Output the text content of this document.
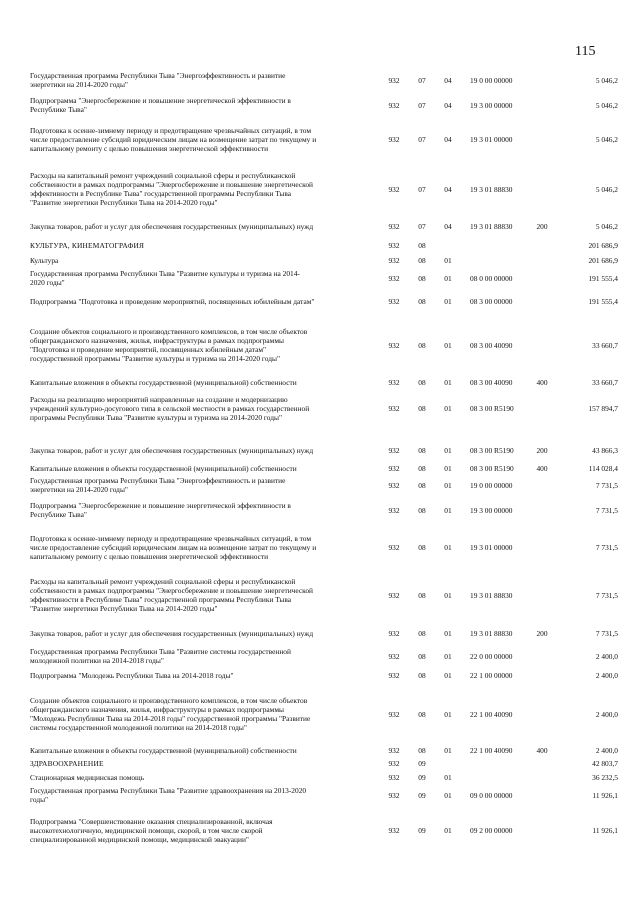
115
Государственная программа Республики Тыва "Энергоэффективность и развитие
энергетики на 2014-2020 годы"	932	07	04	19 0 00 00000	5 046,2
Подпрограмма "Энергосбережение и повышение энергетической эффективности в
Республике Тыва"	932	07	04	19 3 00 00000	5 046,2
Подготовка к осенне-зимнему периоду и предотвращение чрезвычайных ситуаций, в том
числе предоставление субсидий юридическим лицам на возмещение затрат по текущему и
капитальному ремонту с целью повышения энергетической эффективности
932	07	04	19 3 01 00000	5 046,2
Расходы на капитальный ремонт учреждений социальной сферы и республиканской
собственности в рамках подпрограммы "Энергосбережение и повышение энергетической
эффективности в Республике Тыва" государственной программы Республики Тыва
"Развитие энергетики Республики Тыва на 2014-2020 годы"
932	07	04	19 3 01 88830	5 046,2
Закупка товаров, работ и услуг для обеспечения государственных (муниципальных) нужд	932	07	04	19 3 01 88830	200	5 046,2
КУЛЬТУРА, КИНЕМАТОГРАФИЯ	932	08	201 686,9
Культура	932	08	01	201 686,9
Государственная программа Республики Тыва "Развитие культуры и туризма на 2014-
2020 годы"	932	08	01	08 0 00 00000	191 555,4
Подпрограмма "Подготовка и проведение мероприятий, посвященных юбилейным датам"	932	08	01	08 3 00 00000	191 555,4
Создание объектов социального и производственного комплексов, в том числе объектов
общегражданского назначения, жилья, инфраструктуры в рамках подпрограммы
"Подготовка и проведение мероприятий, посвященных юбилейным датам"
государственной программы "Развитие культуры и туризма на 2014-2020 годы"
932	08	01	08 3 00 40090	33 660,7
Капитальные вложения в объекты государственной (муниципальной) собственности	932	08	01	08 3 00 40090	400	33 660,7
Расходы на реализацию мероприятий направленные на создание и модернизацию
учреждений культурно-досугового типа в сельской местности в рамках государственной
программы Республики Тыва "Развитие культуры и туризма на 2014-2020 годы"
932	08	01	08 3 00 R5190	157 894,7
Закупка товаров, работ и услуг для обеспечения государственных (муниципальных) нужд	932	08	01	08 3 00 R5190	200	43 866,3
Капитальные вложения в объекты государственной (муниципальной) собственности	932	08	01	08 3 00 R5190	400	114 028,4
Государственная программа Республики Тыва "Энергоэффективность и развитие
энергетики на 2014-2020 годы"	932	08	01	19 0 00 00000	7 731,5
Подпрограмма "Энергосбережение и повышение энергетической эффективности в
Республике Тыва"	932	08	01	19 3 00 00000	7 731,5
Подготовка к осенне-зимнему периоду и предотвращение чрезвычайных ситуаций, в том
числе предоставление субсидий юридическим лицам на возмещение затрат по текущему и
капитальному ремонту с целью повышения энергетической эффективности
932	08	01	19 3 01 00000	7 731,5
Расходы на капитальный ремонт учреждений социальной сферы и республиканской
собственности в рамках подпрограммы "Энергосбережение и повышение энергетической
эффективности в Республике Тыва" государственной программы Республики Тыва
"Развитие энергетики Республики Тыва на 2014-2020 годы"
932	08	01	19 3 01 88830	7 731,5
Закупка товаров, работ и услуг для обеспечения государственных (муниципальных) нужд	932	08	01	19 3 01 88830	200	7 731,5
Государственная программа Республики Тыва "Развитие системы государственной
молодежной политики на 2014-2018 годы"	932	08	01	22 0 00 00000	2 400,0
Подпрограмма "Молодежь Республики Тыва на 2014-2018 годы"	932	08	01	22 1 00 00000	2 400,0
Создание объектов социального и производственного комплексов, в том числе объектов
общегражданского назначения, жилья, инфраструктуры в рамках подпрограммы
"Молодежь Республики Тыва на 2014-2018 годы" государственной программы "Развитие
системы государственной молодежной политики на 2014-2018 годы"
932	08	01	22 1 00 40090	2 400,0
Капитальные вложения в объекты государственной (муниципальной) собственности	932	08	01	22 1 00 40090	400	2 400,0
ЗДРАВООХРАНЕНИЕ	932	09	42 803,7
Стационарная медицинская помощь	932	09	01	36 232,5
Государственная программа Республики Тыва "Развитие здравоохранения на 2013-2020
годы"	932	09	01	09 0 00 00000	11 926,1
Подпрограмма "Совершенствование оказания специализированной, включая
высокотехнологичную, медицинской помощи, скорой, в том числе скорой
специализированной медицинской помощи, медицинской эвакуации"
932	09	01	09 2 00 00000	11 926,1
